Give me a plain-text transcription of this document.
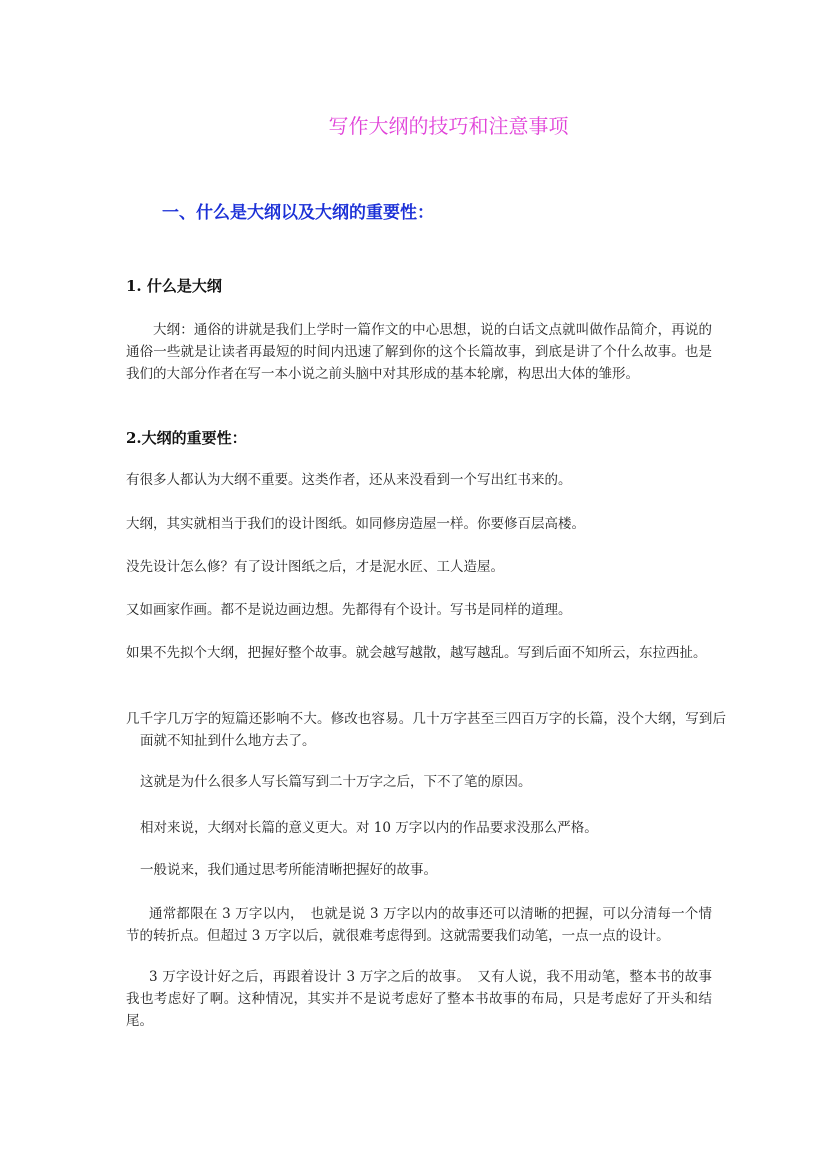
写作大纲的技巧和注意事项
一、什么是大纲以及大纲的重要性：
1. 什么是大纲
大纲：通俗的讲就是我们上学时一篇作文的中心思想，说的白话文点就叫做作品简介，再说的通俗一些就是让读者再最短的时间内迅速了解到你的这个长篇故事，到底是讲了个什么故事。也是我们的大部分作者在写一本小说之前头脑中对其形成的基本轮廓，构思出大体的雏形。
2.大纲的重要性：
有很多人都认为大纲不重要。这类作者，还从来没看到一个写出红书来的。
大纲，其实就相当于我们的设计图纸。如同修房造屋一样。你要修百层高楼。
没先设计怎么修？有了设计图纸之后，才是泥水匠、工人造屋。
又如画家作画。都不是说边画边想。先都得有个设计。写书是同样的道理。
如果不先拟个大纲，把握好整个故事。就会越写越散，越写越乱。写到后面不知所云，东拉西扯。
几千字几万字的短篇还影响不大。修改也容易。几十万字甚至三四百万字的长篇，没个大纲，写到后面就不知扯到什么地方去了。
这就是为什么很多人写长篇写到二十万字之后，下不了笔的原因。
相对来说，大纲对长篇的意义更大。对 10 万字以内的作品要求没那么严格。
一般说来，我们通过思考所能清晰把握好的故事。
通常都限在 3 万字以内，　也就是说 3 万字以内的故事还可以清晰的把握，可以分清每一个情节的转折点。但超过 3 万字以后，就很难考虑得到。这就需要我们动笔，一点一点的设计。
3 万字设计好之后，再跟着设计 3 万字之后的故事。　又有人说，我不用动笔，整本书的故事我也考虑好了啊。这种情况，其实并不是说考虑好了整本书故事的布局，只是考虑好了开头和结尾。
